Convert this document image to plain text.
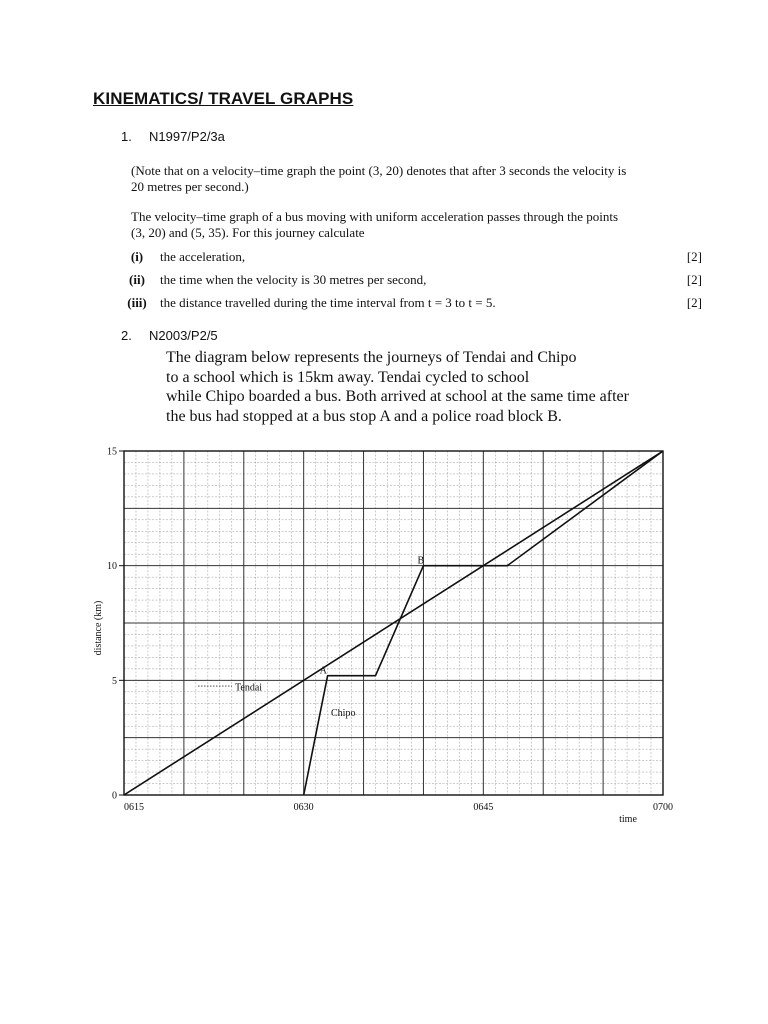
KINEMATICS/ TRAVEL GRAPHS
1. N1997/P2/3a
(Note that on a velocity–time graph the point (3, 20) denotes that after 3 seconds the velocity is
20 metres per second.)
The velocity–time graph of a bus moving with uniform acceleration passes through the points
(3, 20) and (5, 35). For this journey calculate
(i)	the acceleration,	[2]
(ii)	the time when the velocity is 30 metres per second,	[2]
(iii)	the distance travelled during the time interval from t = 3 to t = 5.	[2]
2. N2003/P2/5
The diagram below represents the journeys of Tendai and Chipo
to a school which is 15km away. Tendai cycled to school
while Chipo boarded a bus. Both arrived at school at the same time after
the bus had stopped at a bus stop A and a police road block B.
0
5
10
15
0615	0630	0645	0700
Tendai
Chipo
A
B
distance (km)
time
